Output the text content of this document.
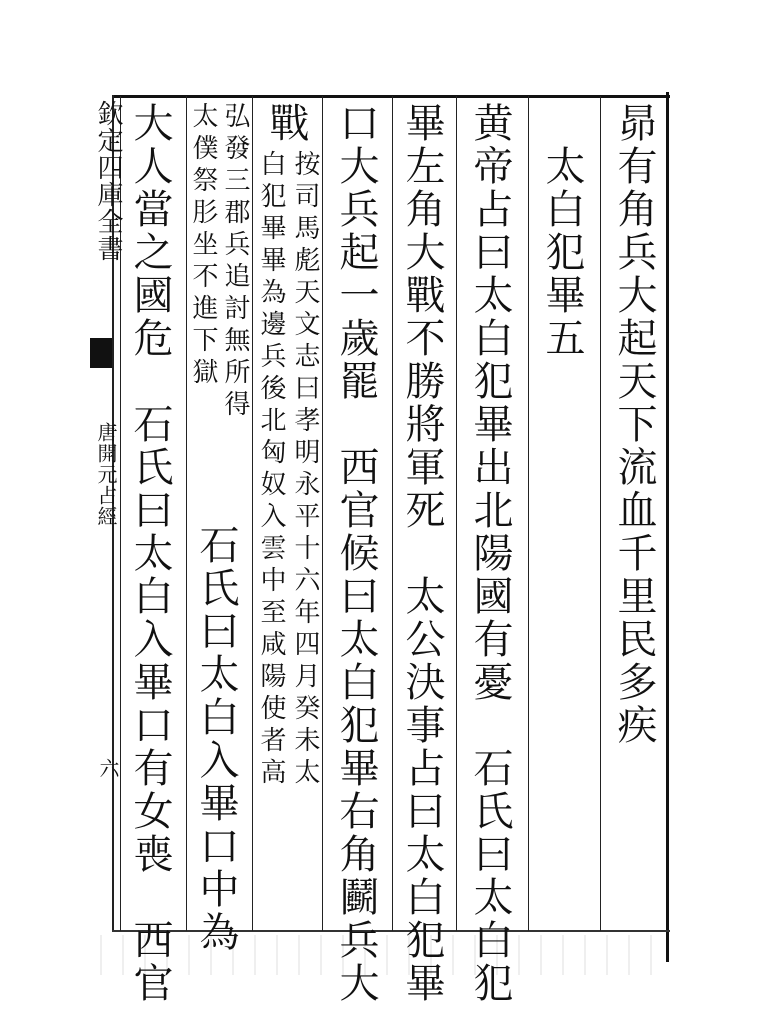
欽定四庫全書
唐開元占經
六
昴有角兵大起天下流血千里民多疾
　太白犯畢五
黄帝占曰太白犯畢出北陽國有憂　石氏曰太白犯
畢左角大戰不勝將軍死　太公決事占曰太白犯畢
口大兵起一歲罷　西官候曰太白犯畢右角鬬兵大
戰
按司馬彪天文志曰孝明永平十六年四月癸未太
白犯畢畢為邊兵後北匈奴入雲中至咸陽使者高
弘發三郡兵追討無所得
石氏曰太白入畢口中為
太僕祭肜坐不進下獄
大人當之國危　石氏曰太白入畢口有女喪　西官
